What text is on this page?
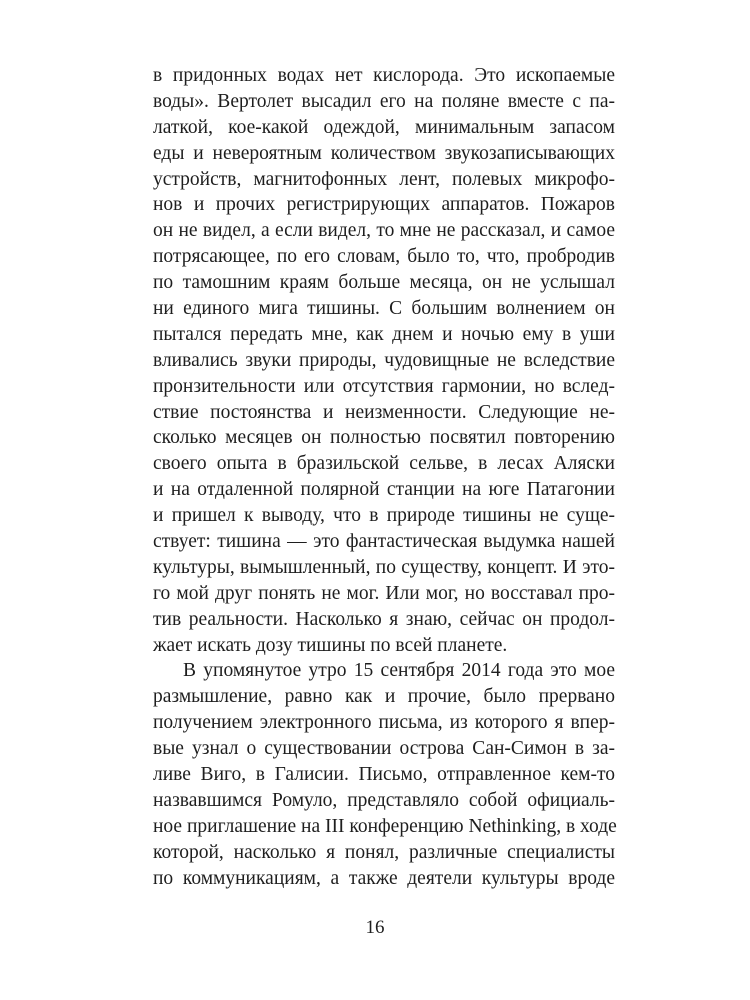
в придонных водах нет кислорода. Это ископаемые
воды». Вертолет высадил его на поляне вместе с па-
латкой, кое-какой одеждой, минимальным запасом
еды и невероятным количеством звукозаписывающих
устройств, магнитофонных лент, полевых микрофо-
нов и прочих регистрирующих аппаратов. Пожаров
он не видел, а если видел, то мне не рассказал, и самое
потрясающее, по его словам, было то, что, пробродив
по тамошним краям больше месяца, он не услышал
ни единого мига тишины. С большим волнением он
пытался передать мне, как днем и ночью ему в уши
вливались звуки природы, чудовищные не вследствие
пронзительности или отсутствия гармонии, но вслед-
ствие постоянства и неизменности. Следующие не-
сколько месяцев он полностью посвятил повторению
своего опыта в бразильской сельве, в лесах Аляски
и на отдаленной полярной станции на юге Патагонии
и пришел к выводу, что в природе тишины не суще-
ствует: тишина — это фантастическая выдумка нашей
культуры, вымышленный, по существу, концепт. И это-
го мой друг понять не мог. Или мог, но восставал про-
тив реальности. Насколько я знаю, сейчас он продол-
жает искать дозу тишины по всей планете.
В упомянутое утро 15 сентября 2014 года это мое
размышление, равно как и прочие, было прервано
получением электронного письма, из которого я впер-
вые узнал о существовании острова Сан-Симон в за-
ливе Виго, в Галисии. Письмо, отправленное кем-то
назвавшимся Ромуло, представляло собой официаль-
ное приглашение на III конференцию Nethinking, в ходе
которой, насколько я понял, различные специалисты
по коммуникациям, а также деятели культуры вроде
16
